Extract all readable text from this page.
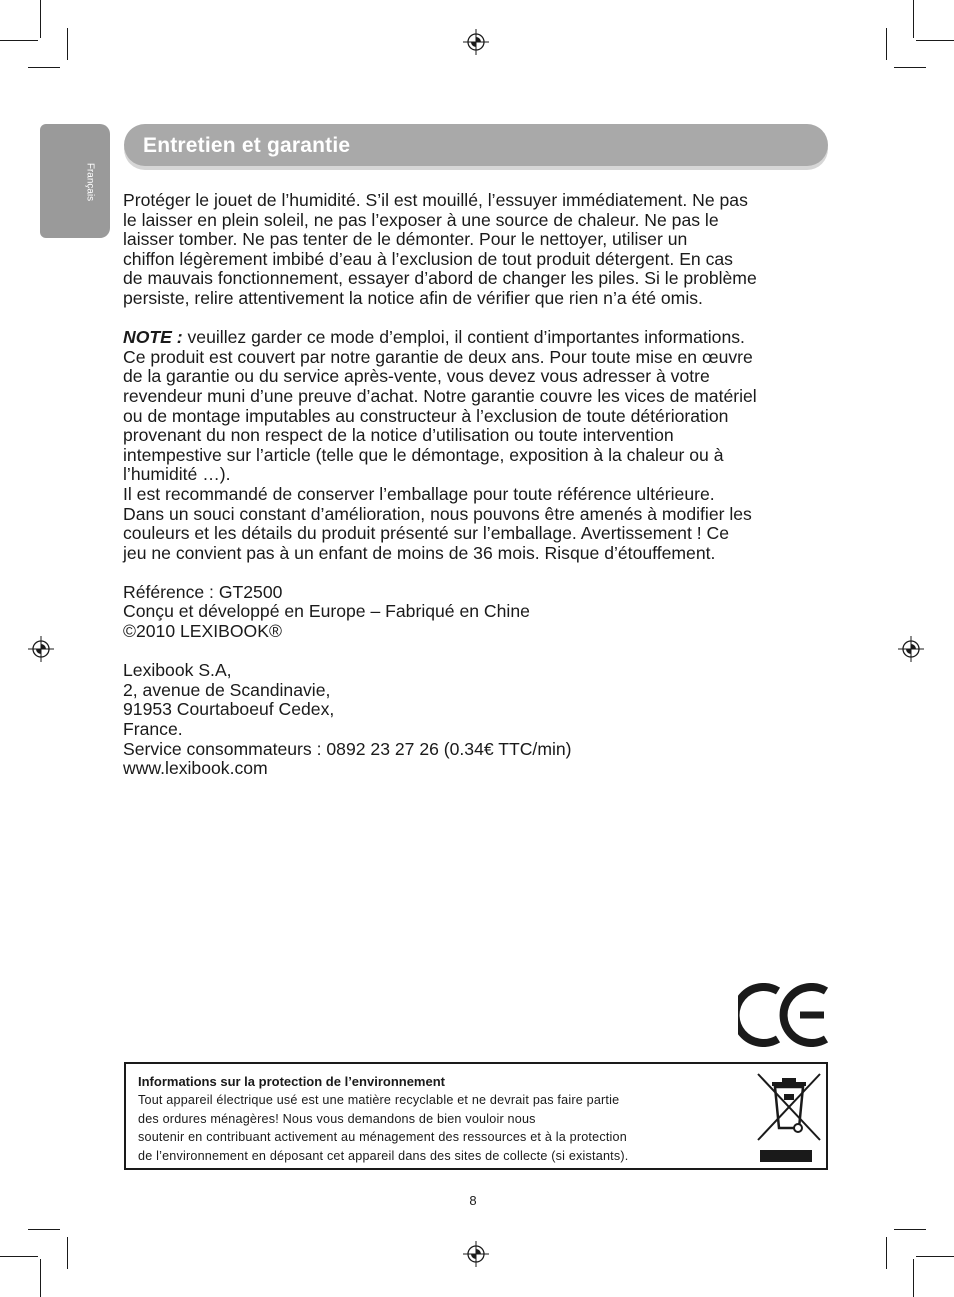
Français
Entretien et garantie

Protéger le jouet de l’humidité. S’il est mouillé, l’essuyer immédiatement. Ne pas
le laisser en plein soleil, ne pas l’exposer à une source de chaleur. Ne pas le
laisser tomber. Ne pas tenter de le démonter. Pour le nettoyer, utiliser un
chiffon légèrement imbibé d’eau à l’exclusion de tout produit détergent. En cas
de mauvais fonctionnement, essayer d’abord de changer les piles. Si le problème
persiste, relire attentivement la notice afin de vérifier que rien n’a été omis.

NOTE : veuillez garder ce mode d’emploi, il contient d’importantes informations.
Ce produit est couvert par notre garantie de deux ans. Pour toute mise en œuvre
de la garantie ou du service après-vente, vous devez vous adresser à votre
revendeur muni d’une preuve d’achat. Notre garantie couvre les vices de matériel
ou de montage imputables au constructeur à l’exclusion de toute détérioration
provenant du non respect de la notice d’utilisation ou toute intervention
intempestive sur l’article (telle que le démontage, exposition à la chaleur ou à
l’humidité …).
Il est recommandé de conserver l’emballage pour toute référence ultérieure.
Dans un souci constant d’amélioration, nous pouvons être amenés à modifier les
couleurs et les détails du produit présenté sur l’emballage. Avertissement ! Ce
jeu ne convient pas à un enfant de moins de 36 mois. Risque d’étouffement.

Référence : GT2500
Conçu et développé en Europe – Fabriqué en Chine
©2010 LEXIBOOK®

Lexibook S.A,
2, avenue de Scandinavie,
91953 Courtaboeuf Cedex,
France.
Service consommateurs : 0892 23 27 26 (0.34€ TTC/min)
www.lexibook.com

Informations sur la protection de l’environnement
Tout appareil électrique usé est une matière recyclable et ne devrait pas faire partie
des ordures ménagères! Nous vous demandons de bien vouloir nous
soutenir en contribuant activement au ménagement des ressources et à la protection
de l’environnement en déposant cet appareil dans des sites de collecte (si existants).
8
